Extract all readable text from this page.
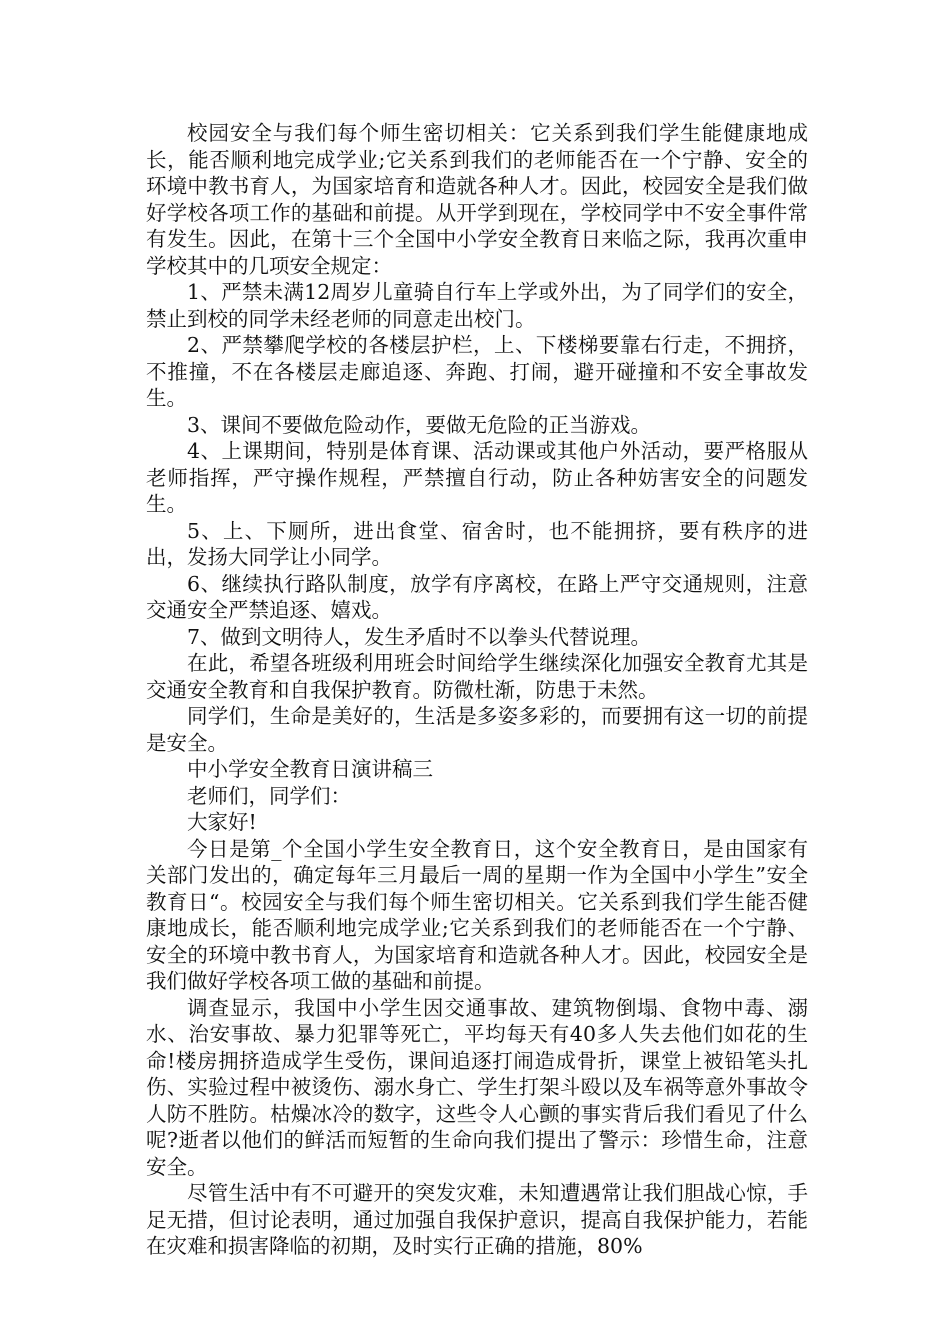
校园安全与我们每个师生密切相关：它关系到我们学生能健康地成长，能否顺利地完成学业;它关系到我们的老师能否在一个宁静、安全的环境中教书育人，为国家培育和造就各种人才。因此，校园安全是我们做好学校各项工作的基础和前提。从开学到现在，学校同学中不安全事件常有发生。因此，在第十三个全国中小学安全教育日来临之际，我再次重申学校其中的几项安全规定：

1、严禁未满12周岁儿童骑自行车上学或外出，为了同学们的安全，禁止到校的同学未经老师的同意走出校门。

2、严禁攀爬学校的各楼层护栏，上、下楼梯要靠右行走，不拥挤，不推撞，不在各楼层走廊追逐、奔跑、打闹，避开碰撞和不安全事故发生。

3、课间不要做危险动作，要做无危险的正当游戏。

4、上课期间，特别是体育课、活动课或其他户外活动，要严格服从老师指挥，严守操作规程，严禁擅自行动，防止各种妨害安全的问题发生。

5、上、下厕所，进出食堂、宿舍时，也不能拥挤，要有秩序的进出，发扬大同学让小同学。

6、继续执行路队制度，放学有序离校，在路上严守交通规则，注意交通安全严禁追逐、嬉戏。

7、做到文明待人，发生矛盾时不以拳头代替说理。

在此，希望各班级利用班会时间给学生继续深化加强安全教育尤其是交通安全教育和自我保护教育。防微杜渐，防患于未然。

同学们，生命是美好的，生活是多姿多彩的，而要拥有这一切的前提是安全。

中小学安全教育日演讲稿三

老师们，同学们：

大家好!

今日是第_个全国小学生安全教育日，这个安全教育日，是由国家有关部门发出的，确定每年三月最后一周的星期一作为全国中小学生”安全教育日“。校园安全与我们每个师生密切相关。它关系到我们学生能否健康地成长，能否顺利地完成学业;它关系到我们的老师能否在一个宁静、安全的环境中教书育人，为国家培育和造就各种人才。因此，校园安全是我们做好学校各项工做的基础和前提。

调查显示，我国中小学生因交通事故、建筑物倒塌、食物中毒、溺水、治安事故、暴力犯罪等死亡，平均每天有40多人失去他们如花的生命!楼房拥挤造成学生受伤，课间追逐打闹造成骨折，课堂上被铅笔头扎伤、实验过程中被烫伤、溺水身亡、学生打架斗殴以及车祸等意外事故令人防不胜防。枯燥冰冷的数字，这些令人心颤的事实背后我们看见了什么呢?逝者以他们的鲜活而短暂的生命向我们提出了警示：珍惜生命，注意安全。

尽管生活中有不可避开的突发灾难，未知遭遇常让我们胆战心惊，手足无措，但讨论表明，通过加强自我保护意识，提高自我保护能力，若能在灾难和损害降临的初期，及时实行正确的措施，80%
